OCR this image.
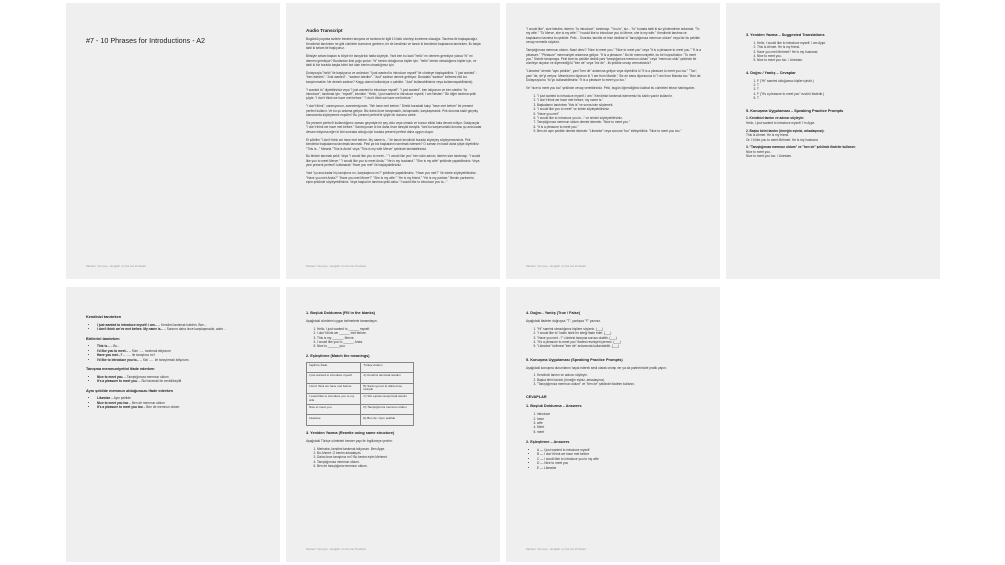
#7 - 10 Phrases for Introductions - A2
Modern Yemoyo - English on the Go Podcast
Audio Transcript

Bugünkü poyrata sizlerle beraber tanışma ve tanıtma ile ilgili 10 faklı cümleyi inceleme olacağız. Tanıtma ile başlayacağız. Kendimizi tanıtırken ne gibi cümleler kurmanız gereken, bir de kendimiz ve tanıdı ki kendimizi başkasına tanıtırken. İlk başta tabii ki selam ile başlıyoruz.

Birisiyle selam baştan is böyle bir tanıştırıldı hatta söyleyin. Yani ben bu kadı "hello" mı demem gerekiyor yoksa "hi" mi demem gerekiyor? Bunlardan ikisi çoğu şudur: "hi" benim olduğumuz kişiler için. "hello" benim olmadığımız kişiler için, ve tabii ki biz burada başka birini bot olan benim olmadığımız için.

Dolayısıyla "hello" ile başlıyoruz ve ardından "I just wanted to introduce myself" ile cümleye başlayabiliriz. "I just wanted" - "ben istedim". "Just wanted" - "sadece istedim". "Just" sadece demek gelmiyor. Buradaki "sadece" kelimesi ekli kız kavşılınmaktır. Ne demek sadece? Kaygı-olanın kullanılıyor o şekilde. "Just" kullanabilirsiniz veya kullanmayabilirsiniz).

"I wanted to" diyebilirsiniz veya "I just wanted to introduce myself". "I just wanted", ben istiyorum ve ben stedim. "to introduce", tanıtmak için. "myself", kendimi. "Hello, I just wanted to introduce myself, I am Nesteri." Bir diğer tanıtma şekli şöyle: "I don't think we have met before." "I don't think we have met before."

"I don't think", sanmıyorum, zannetmiyorum. "We have met before." Direkt buradaki kalıp "have met before" bir present perfect kullanır. Ve bu şu anlama geliyor. Biz daha önce tanışmadık, buluşmadık, karşılaşmadık. Pek duruma kadıl geçmiş zamanında söyleyemez mışdim? Bu present perfect'le şöyle bir durumu varbir.

Siz present perfect'i kullandığımız zaman geçmişte bir şey oldu veya olmadı ve bunun etkisi hala devam ediyor. Dolayısıyla "I don't think we have met before." Sanmıyorum ki biz daha önce tanıştık tanıştık. Yani bu karşımızdaki durumu şu ana kadar devam ediyorsa eğer ki bizi sonrada olduğu için burada present perfect daha uygun oluyor.

Et şöbilim "I don't think we have met before. My name is..." ile tanıdı kendinizi burada söyleyey söyleyemezsiniz. Pek kendimizi başkalarına tanıtmak tanımak. Peki ya biz başkalarını tanıtmak istersek? O zaman en basit daha şöyle diyebiliriz: "This is..." Mesela "This is Anda" veya "This is my wife Merve" şeklinde tanıtabilirsiniz.

Bu birisini tanımak şekli. Veya "I would like you to meet..." "I would like you" ben sizin adının, isterim size tanıtmayı. "I would like you to meet Merve." "I would like you to meet Anda." "He is my husband." "She is my wife" şeklinde yapabilirsiniz. Veya yine present perfect'i kullanarak "Have you met" ile başlayabilirsiniz.

Yani "şu ana kadar hiç tanıştınız mı, karşılaştınız mı?" şeklinde yapabilirsiniz. "Have you met?" Ve isimle söyleyebilirsiniz. "Have you met Anda?" "Have you met Merve?" "She is my wife." "He is my friend." "He is my partner." Benim partnerim, eşim şeklinde söyleyebilirsiniz. Veya başka bir tanıtma şekli daha: "I would like to introduce you to..."

Modern Yemoyo - English on the Go Podcast

"I would like", size istedim, isterim. "to introduce", tanıtmayı. "You to", siz... "to" burada tabii ki siz yönlendirme anlamda. "To my wife." "To Merve, she is my wife." "I would like to introduce you to Merve, she is my wife." Kendimizi tanıtma ve başkalarını tanıtma bu şekilde. Peki... Sonrala, tanıttık ve bize dedidar ki "tanıştığımıza memnun oldum" veya biz bu şekilde cevap vermeliz söyleriz.

Tanıştığımıza memnun oldum. Nasıl deriz? "Nice to meet you." "Nice to meet you" veya "It is a pleasure to meet you." "It is a pleasure." "Pleasure" memnuniyet anlamına geliyor. "It is a pleasure." Bu bir memnuniyettir, bu bir hoşnutluktur. "To meet you." Sizinle tanışmaya. Peki bize bu şekilde dedidi yani "tanıştığımıza memnun oldum" veya "memnun oldu" şeklinde bir cümleye duydun ve diyemediği ki "ben de" veya "biz de" - ilk şekilde cevap vereceksiniz?

"Likewise" demek "aynı şekilde", yani "ben de" anlamına geliyor veya diyebiliriz ki "It is a pleasure to meet you too." "Too", yani "de, de"yi veriyor. Mesela ben diyorum ki "I am from Mardin." Siz de bana diyorsunuz ki "I am from Manisa too." Ben de. Dolayısıyla bu "to"yu kullanabilirsiniz: "It is a pleasure to meet you too."

Ve "nice to meet you too" şeklinde cevap verebilirsiniz. Peki, bugün öğrendiğimiz kalıbat bu cümleleri tekrar hatırlayalım.

1. "I just wanted to introduce myself, I am." Kendimizi tanıtmak istememiz bu kalıbı yazılır kullanılır.
2. "I don't think we have met before, my name is."
3. Başkalarını tanıtırken "this is" ve sonra isim söylemek.
4. "I would like you to meet" ve isimle söyleyebilirsiniz.
5. "Have you met"
6. "I would like to introduce you to..." ve isimini söyleyebilirsiniz.
7. Tanıştığımıza memnun oldum demek istemek: "Nice to meet you."
8. "It is a pleasure to meet you."
9. Ben de aynı şekilde demek istersek: "Likewise" veya sonuna "too" ekleyebiliriz: "Nice to meet you too."
Modern Yemoyo - English on the Go Podcast
3. Yeniden Yazma – Suggested Translations
1. Hello, I would like to introduce myself. I am Ayşe.
2. This is Ahmet. He is my friend.
3. Have you met Mehmet? He is my husband.
4. Nice to meet you.
5. Nice to meet you too. / Likewise.
4. Doğru / Yanlış – Cevaplar
1. F ("Hi" samimi olduğumuz kişiler içindir.)
2. T
3. T
4. F ("It's a pleasure to meet you" ezcörü ifadedir.)
5. T
5. Konuşma Uygulaması – Speaking Practice Prompts

1. Kendinizi tanıtın ve adınızı söyleyin:

Hello, I just wanted to introduce myself. I'm Ayşe.

2. Başka birini tanıtın (örneğin eşinizi, arkadaşınızı):

This is Ahmet. He is my friend.
Or: I'd like you to meet Mehmet. He is my husband.

3. "Tanıştığımıza memnun oldum" ve "ben de" şeklinde ifadeler kullanın:

Nice to meet you.
Nice to meet you too. / Likewise.

Kendinizi tanıtırken
• I just wanted to introduce myself. I am... – Kendimi tanıtmak istedim. Ben...
• I don't think we've met before. My name is... – Sanırım daha önce karşılaşmadık, adım...
Birilerini tanıtırken
• This is... – Bu...
• I'd like you to meet... – Size ...... tanıtmak istiyorum
• Have you met...? – ...... ile tanıştınız mı?
• I'd like to introduce you to... – Sizi ...... ile tanıştırmak istiyorum.
Tanışma memnuniyetini ifade ederken
• Nice to meet you. – Tanıştığımıza memnun oldum
• It's a pleasure to meet you. – Sizi tanımak bir zevkti/keyifti
Aynı şekilde memnun olduğunuzu ifade ederken
• Likewise – Aynı şekilde
• Nice to meet you too – Ben de memnun oldum
• It's a pleasure to meet you too – Ben de memnun oldum
1. Boşluk Doldurma (Fill in the blanks)

Aşağıdaki cümleleri uygun kelimelerle tamamlayın.

1. Hello, I just wanted to ______ myself.
2. I don't think we ______ met before.
3. This is my ______, Merve.
4. I would like you to ______ Anda.
5. Nice to ______ you.
2. Eşleştirme (Match the meanings)
İngilizce İfade	Türkçe Anlamı
I just wanted to introduce myself	A) Kendimi tanıtmak istedim
I don't think we have met before	B) Sanmıyorum ki daha önce tanıştık
I would like to introduce you to my wife	C) Sizi eşimle tanıştırmak isterim
Nice to meet you	D) Tanıştığımıza memnun oldum
Likewise	E) Ben de / Aynı şekilde
3. Yeniden Yazma (Rewrite using same structure)

Aşağıdaki Türkçe cümleleri benzer yapı ile İngilizceye çevirin:

1. Merhaba, kendimi tanıtmak istiyorum. Ben Ayşe.
2. Bu Ahmet. O benim arkadaşım.
3. Daha önce tanıştınız mı? Bu benim eşim Mehmet.
4. Tanıştığımıza memnun oldum.
5. Ben de tanıştığıma memnun oldum.
Modern Yemoyo - English on the Go Podcast
4. Doğru - Yanlış (True / False)

Aşağıdaki ifadeler doğruysa "T", yanlışsa "F" yazınız.

1. "Hi" samimi olmadığımız kişilere söylenir. (___)
2. "I would like to" kalıbı istek bir isteği ifade eder. (___)
3. "Have you met...?" cümlesi tanışma sorusu olabilir. (___)
4. "It's a pleasure to meet you" ifadesi resmiyet içermez. (___)
5. "Likewise" kelimesi "ben de" anlamında kullanılabilir. (___)
5. Konuşma Uygulaması (Speaking Practice Prompts)

Aşağıdaki konuşma durumlarını hayal ederek sesli olarak cevap ver ya da partnerinizle pratik yapın:

1. Kendinizi tanıtın ve adınızı söyleyin.
2. Başka birini tanıtın (örneğin eşiniz, arkadaşınız).
3. "Tanıştığımıza memnun oldum" ve "ben de" şeklinde ifadeler kullanın.
CEVAPLAR
1. Boşluk Doldurma – Answers
1. introduce
2. have
3. wife
4. Meet
5. meet
2. Eşleştirme – Answers
• A — I just wanted to introduce myself
• B — I don't think we have met before
• C — I would like to introduce you to my wife
• D — Nice to meet you
• E — Likewise
Modern Yemoyo - English on the Go Podcast
